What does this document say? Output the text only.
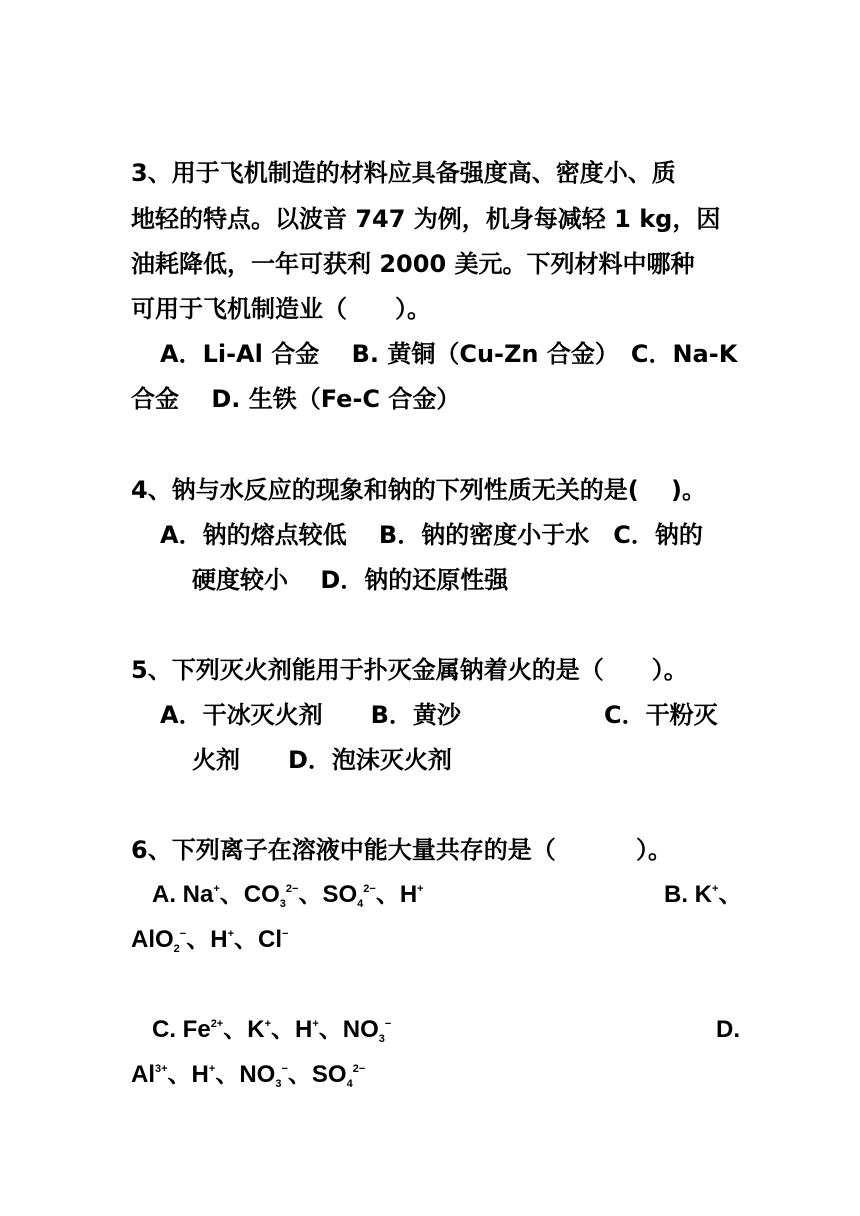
3、用于飞机制造的材料应具备强度高、密度小、质
地轻的特点。以波音 747 为例，机身每减轻 1 kg，因
油耗降低，一年可获利 2000 美元。下列材料中哪种
可用于飞机制造业（　　）。
A．Li-Al 合金　 B. 黄铜（Cu-Zn 合金）　C．Na-K
合金　 D. 生铁（Fe-C 合金）
4、钠与水反应的现象和钠的下列性质无关的是(　 )。
A．钠的熔点较低　 B．钠的密度小于水　C．钠的
硬度较小　 D．钠的还原性强
5、下列灭火剂能用于扑灭金属钠着火的是（　　）。
A．干冰灭火剂　　B．黄沙	C．干粉灭
火剂　　D．泡沫灭火剂
6、下列离子在溶液中能大量共存的是（　　　 ）。
A. Na+、$CO_3^{2-}$、$SO_4^{2-}$、H+	B. K+、
AlO$_2$−、H+、Cl−
C. $Fe^{2+}$、K+、H+、$NO_3^-$	D.
$Al^{3+}$、H+、$NO_3^-$、$SO_4^{2-}$
